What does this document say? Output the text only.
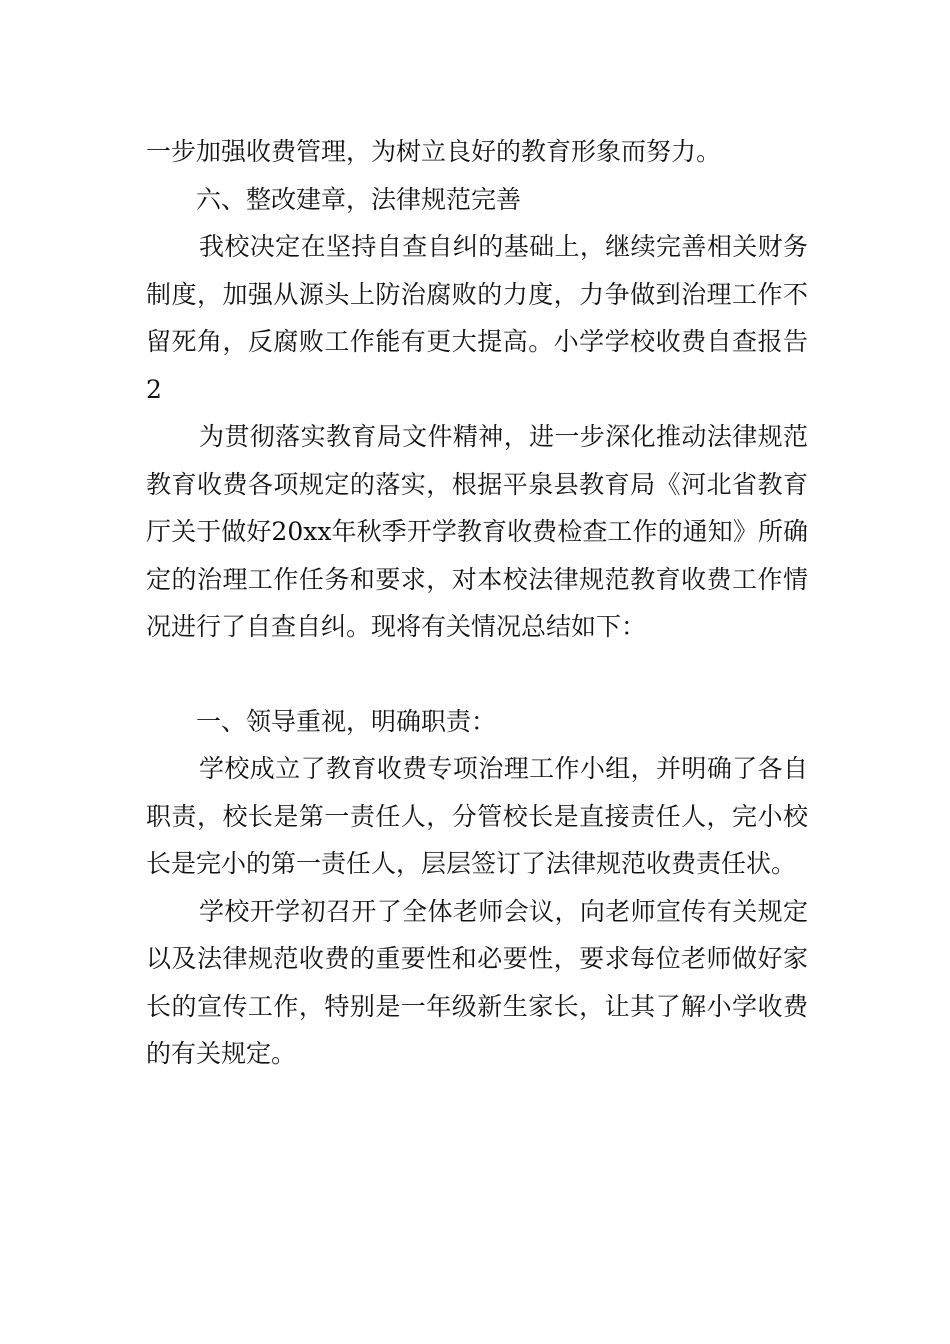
一步加强收费管理，为树立良好的教育形象而努力。

六、整改建章，法律规范完善

我校决定在坚持自查自纠的基础上，继续完善相关财务制度，加强从源头上防治腐败的力度，力争做到治理工作不留死角，反腐败工作能有更大提高。小学学校收费自查报告2

为贯彻落实教育局文件精神，进一步深化推动法律规范教育收费各项规定的落实，根据平泉县教育局《河北省教育厅关于做好20xx年秋季开学教育收费检查工作的通知》所确定的治理工作任务和要求，对本校法律规范教育收费工作情况进行了自查自纠。现将有关情况总结如下：

一、领导重视，明确职责：

学校成立了教育收费专项治理工作小组，并明确了各自职责，校长是第一责任人，分管校长是直接责任人，完小校长是完小的第一责任人，层层签订了法律规范收费责任状。

学校开学初召开了全体老师会议，向老师宣传有关规定以及法律规范收费的重要性和必要性，要求每位老师做好家长的宣传工作，特别是一年级新生家长，让其了解小学收费的有关规定。
